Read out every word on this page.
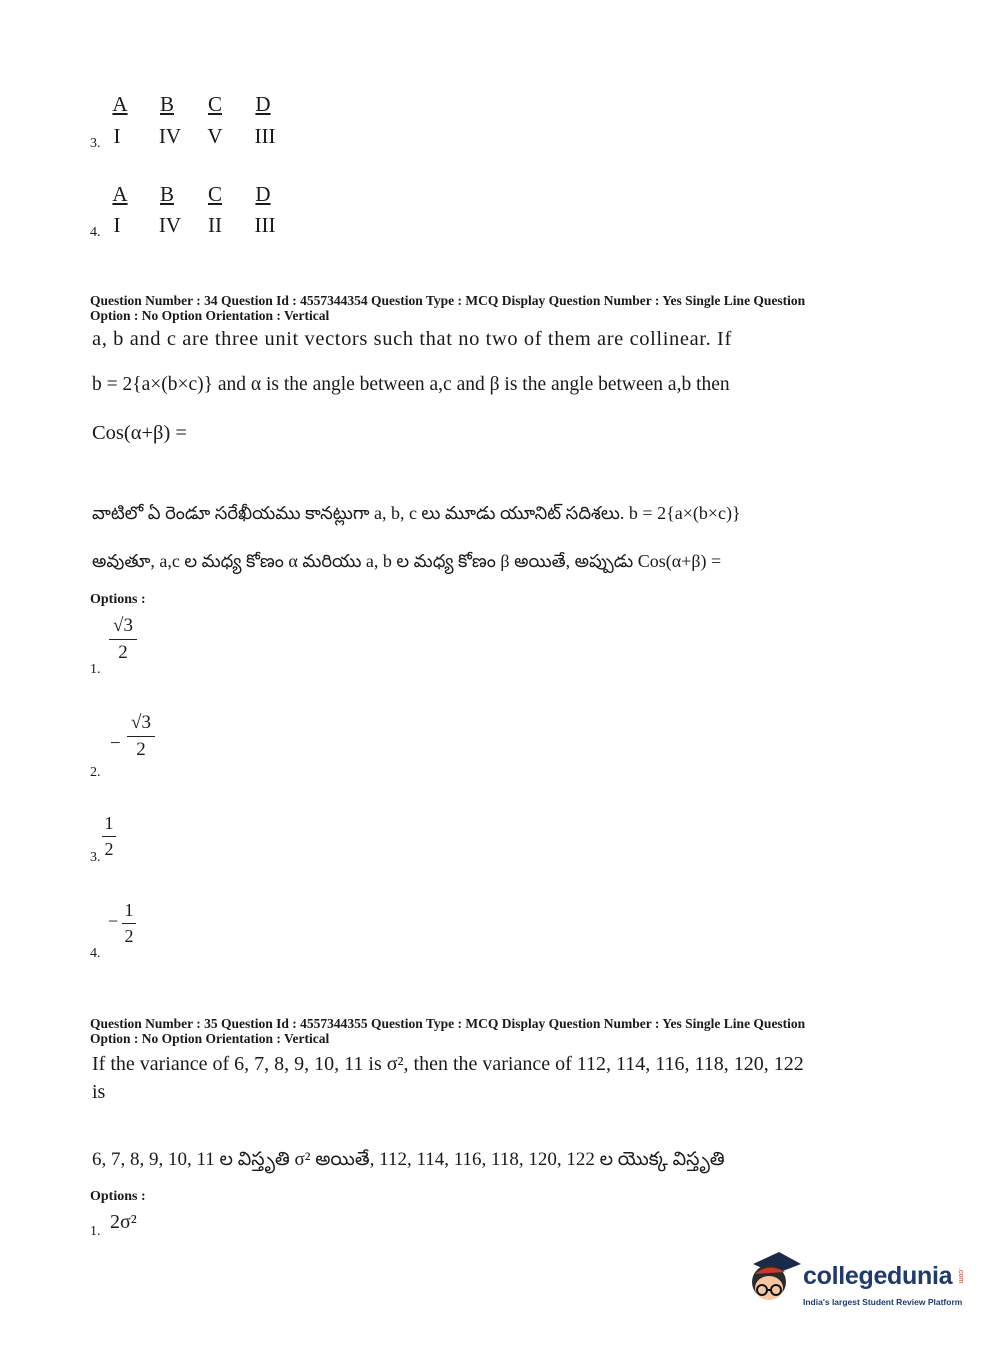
A	B	C	D
3. I	IV	V	III
A	B	C	D
4. I	IV	II	III
Question Number : 34 Question Id : 4557344354 Question Type : MCQ Display Question Number : Yes Single Line Question
Option : No Option Orientation : Vertical
a, b and c are three unit vectors such that no two of them are collinear. If
b = 2{a×(b×c)} and α is the angle between a,c and β is the angle between a,b then
Cos(α+β) =
వాటిలో ఏ రెండూ సరేఖీయము కానట్లుగా a, b, c లు మూడు యూనిట్ సదిశలు. b = 2{a×(b×c)}
అవుతూ, a,c ల మధ్య కోణం α మరియు a, b ల మధ్య కోణం β అయితే, అప్పుడు Cos(α+β) =
Options :
1.
√3
2
2.
−
√3
2
3.
1
2
4.
−
1
2
Question Number : 35 Question Id : 4557344355 Question Type : MCQ Display Question Number : Yes Single Line Question
Option : No Option Orientation : Vertical
If the variance of 6, 7, 8, 9, 10, 11 is σ², then the variance of 112, 114, 116, 118, 120, 122
is
6, 7, 8, 9, 10, 11 ల విస్తృతి σ² అయితే, 112, 114, 116, 118, 120, 122 ల యొక్క విస్తృతి
Options :
1. 2σ²
collegedunia .com
India's largest Student Review Platform
